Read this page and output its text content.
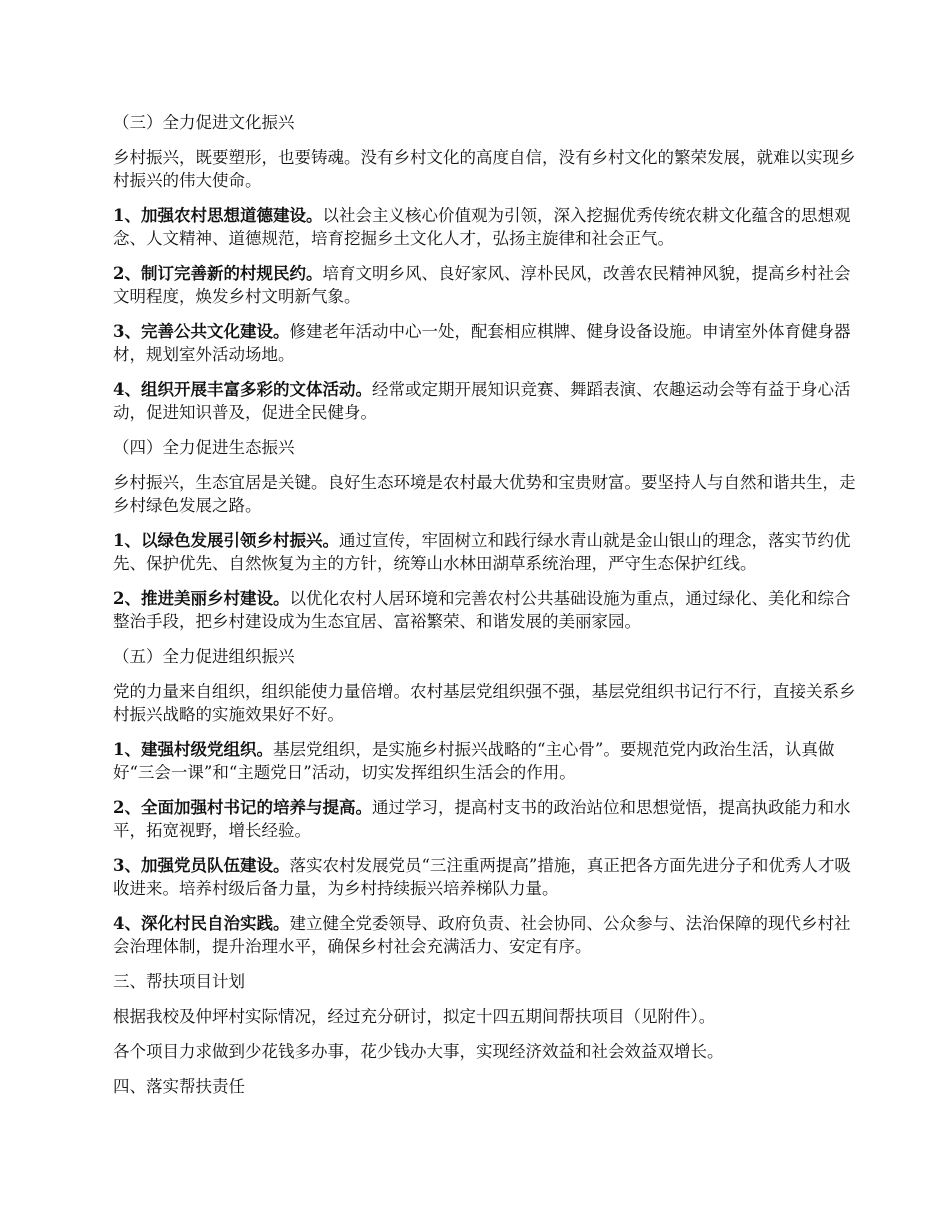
（三）全力促进文化振兴

乡村振兴，既要塑形，也要铸魂。没有乡村文化的高度自信，没有乡村文化的繁荣发展，就难以实现乡村振兴的伟大使命。

1、加强农村思想道德建设。以社会主义核心价值观为引领，深入挖掘优秀传统农耕文化蕴含的思想观念、人文精神、道德规范，培育挖掘乡土文化人才，弘扬主旋律和社会正气。

2、制订完善新的村规民约。培育文明乡风、良好家风、淳朴民风，改善农民精神风貌，提高乡村社会文明程度，焕发乡村文明新气象。

3、完善公共文化建设。修建老年活动中心一处，配套相应棋牌、健身设备设施。申请室外体育健身器材，规划室外活动场地。

4、组织开展丰富多彩的文体活动。经常或定期开展知识竞赛、舞蹈表演、农趣运动会等有益于身心活动，促进知识普及，促进全民健身。

（四）全力促进生态振兴

乡村振兴，生态宜居是关键。良好生态环境是农村最大优势和宝贵财富。要坚持人与自然和谐共生，走乡村绿色发展之路。

1、以绿色发展引领乡村振兴。通过宣传，牢固树立和践行绿水青山就是金山银山的理念，落实节约优先、保护优先、自然恢复为主的方针，统筹山水林田湖草系统治理，严守生态保护红线。

2、推进美丽乡村建设。以优化农村人居环境和完善农村公共基础设施为重点，通过绿化、美化和综合整治手段，把乡村建设成为生态宜居、富裕繁荣、和谐发展的美丽家园。

（五）全力促进组织振兴

党的力量来自组织，组织能使力量倍增。农村基层党组织强不强，基层党组织书记行不行，直接关系乡村振兴战略的实施效果好不好。

1、建强村级党组织。基层党组织，是实施乡村振兴战略的“主心骨”。要规范党内政治生活，认真做好“三会一课”和“主题党日”活动，切实发挥组织生活会的作用。

2、全面加强村书记的培养与提高。通过学习，提高村支书的政治站位和思想觉悟，提高执政能力和水平，拓宽视野，增长经验。

3、加强党员队伍建设。落实农村发展党员“三注重两提高”措施，真正把各方面先进分子和优秀人才吸收进来。培养村级后备力量，为乡村持续振兴培养梯队力量。

4、深化村民自治实践。建立健全党委领导、政府负责、社会协同、公众参与、法治保障的现代乡村社会治理体制，提升治理水平，确保乡村社会充满活力、安定有序。

三、帮扶项目计划

根据我校及仲坪村实际情况，经过充分研讨，拟定十四五期间帮扶项目（见附件）。

各个项目力求做到少花钱多办事，花少钱办大事，实现经济效益和社会效益双增长。

四、落实帮扶责任
